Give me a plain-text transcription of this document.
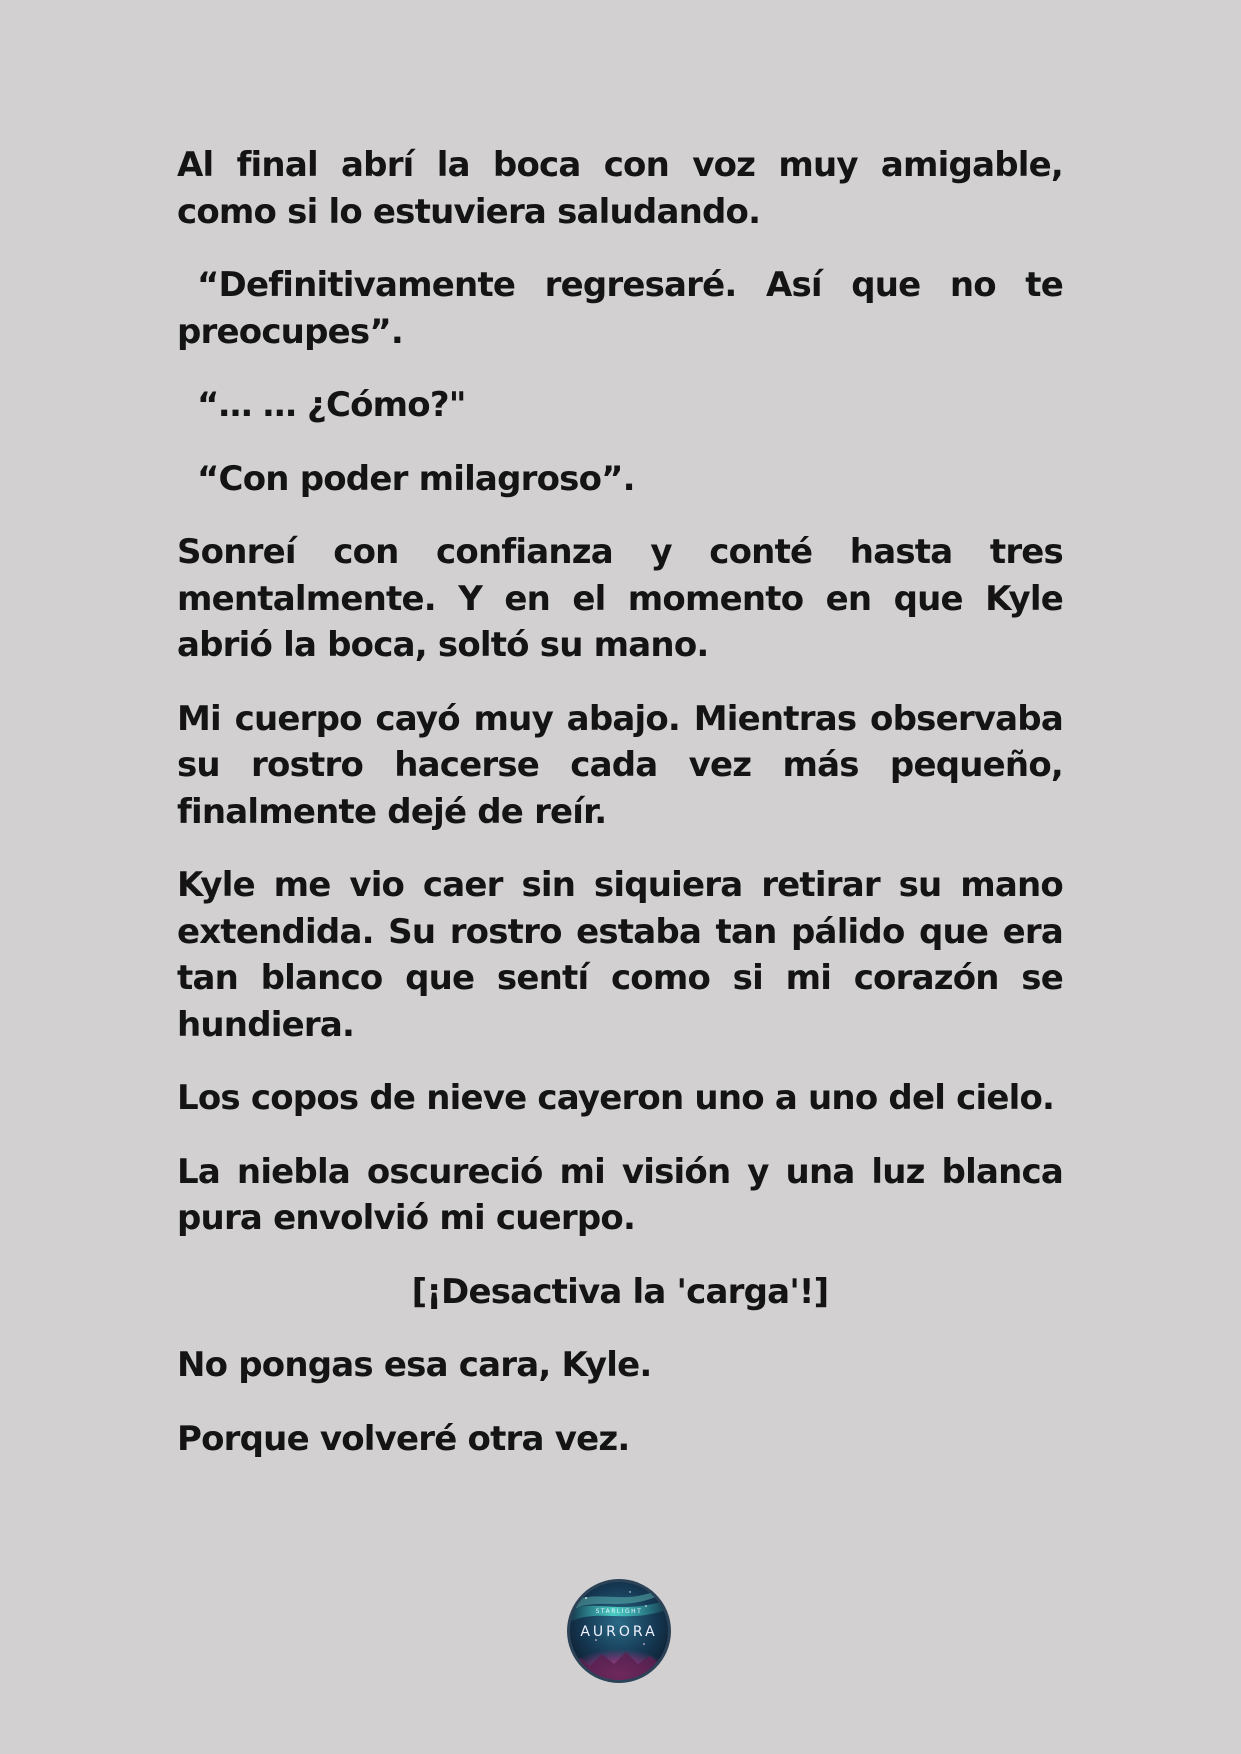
Al final abrí la boca con voz muy amigable, como si lo estuviera saludando.

“Definitivamente regresaré. Así que no te preocupes”.

“… … ¿Cómo?"

“Con poder milagroso”.

Sonreí con confianza y conté hasta tres mentalmente. Y en el momento en que Kyle abrió la boca, soltó su mano.

Mi cuerpo cayó muy abajo. Mientras observaba su rostro hacerse cada vez más pequeño, finalmente dejé de reír.

Kyle me vio caer sin siquiera retirar su mano extendida. Su rostro estaba tan pálido que era tan blanco que sentí como si mi corazón se hundiera.

Los copos de nieve cayeron uno a uno del cielo.

La niebla oscureció mi visión y una luz blanca pura envolvió mi cuerpo.

[¡Desactiva la 'carga'!]

No pongas esa cara, Kyle.

Porque volveré otra vez.

STARLIGHT
AURORA
